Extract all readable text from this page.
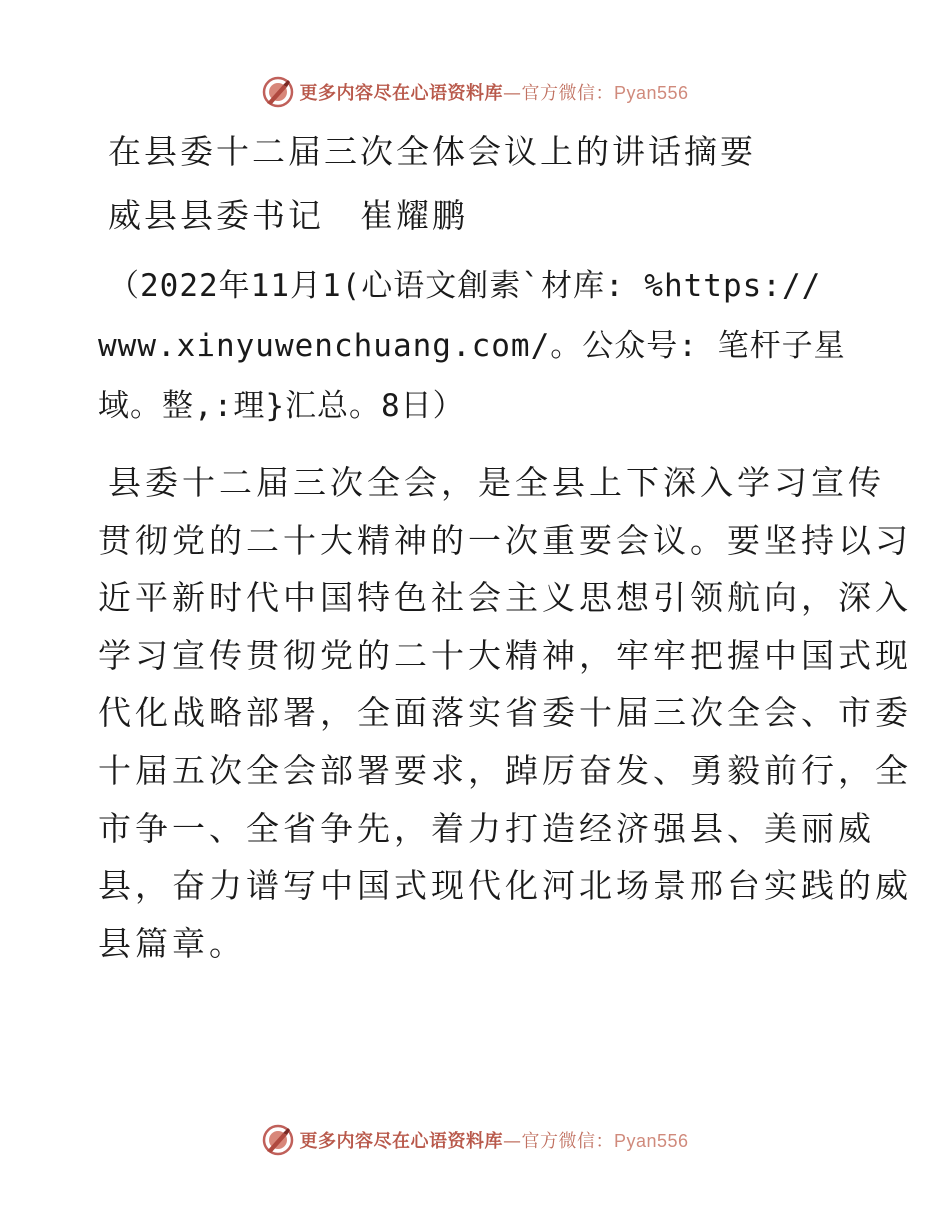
更多内容尽在心语资料库—官方微信：Pyan556
在县委十二届三次全体会议上的讲话摘要
威县县委书记　崔耀鹏
（2022年11月1(心语文創素`材库: %https://
www.xinyuwenchuang.com/。公众号: 笔杆子星
域。整,:理}汇总。8日）
县委十二届三次全会，是全县上下深入学习宣传
贯彻党的二十大精神的一次重要会议。要坚持以习
近平新时代中国特色社会主义思想引领航向，深入
学习宣传贯彻党的二十大精神，牢牢把握中国式现
代化战略部署，全面落实省委十届三次全会、市委
十届五次全会部署要求，踔厉奋发、勇毅前行，全
市争一、全省争先，着力打造经济强县、美丽威
县，奋力谱写中国式现代化河北场景邢台实践的威
县篇章。
更多内容尽在心语资料库—官方微信：Pyan556
